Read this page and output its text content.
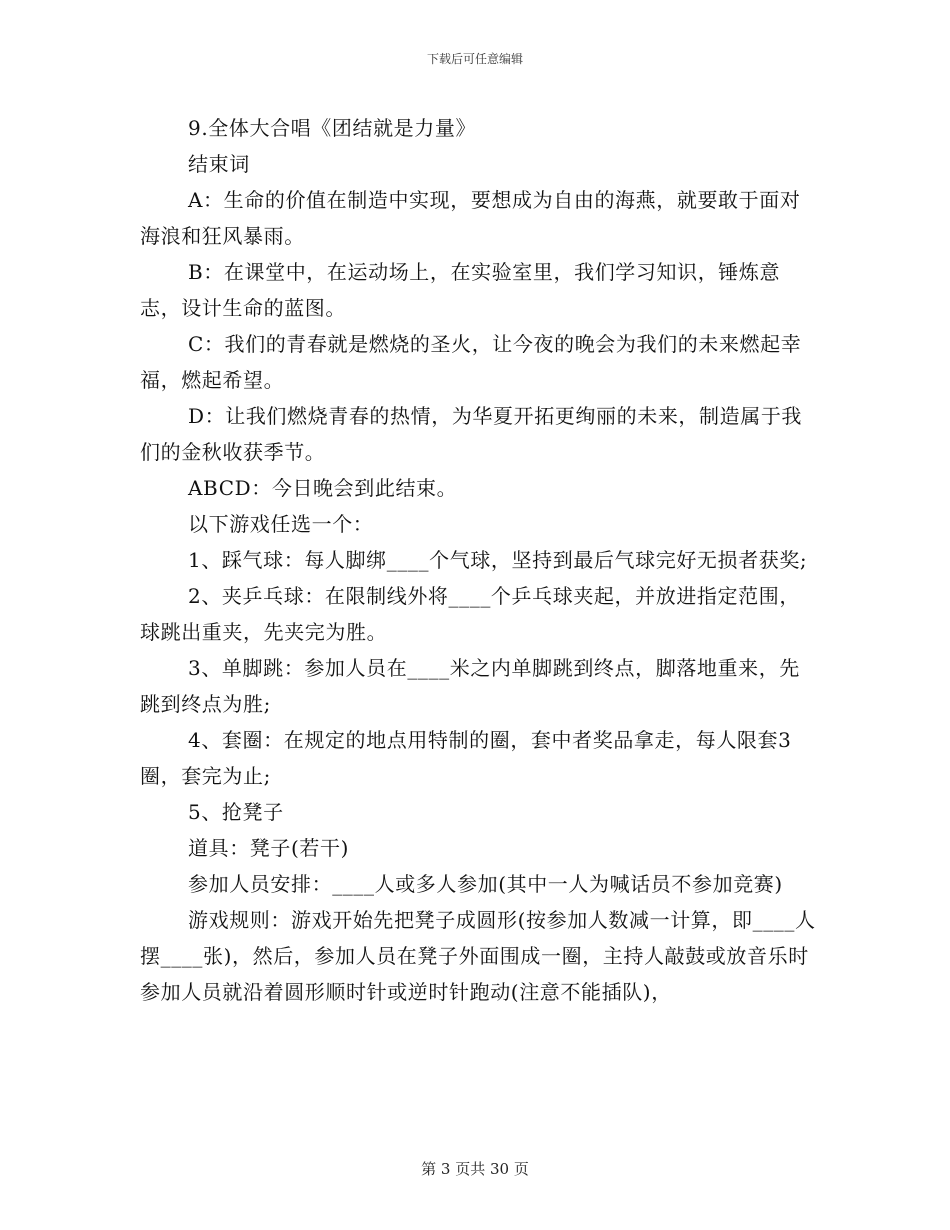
下载后可任意编辑

9.全体大合唱《团结就是力量》

结束词

A：生命的价值在制造中实现，要想成为自由的海燕，就要敢于面对海浪和狂风暴雨。

B：在课堂中，在运动场上，在实验室里，我们学习知识，锤炼意志，设计生命的蓝图。

C：我们的青春就是燃烧的圣火，让今夜的晚会为我们的未来燃起幸福，燃起希望。

D：让我们燃烧青春的热情，为华夏开拓更绚丽的未来，制造属于我们的金秋收获季节。

ABCD：今日晚会到此结束。

以下游戏任选一个：

1、踩气球：每人脚绑____个气球，坚持到最后气球完好无损者获奖;

2、夹乒乓球：在限制线外将____个乒乓球夹起，并放进指定范围，球跳出重夹，先夹完为胜。

3、单脚跳：参加人员在____米之内单脚跳到终点，脚落地重来，先跳到终点为胜;

4、套圈：在规定的地点用特制的圈，套中者奖品拿走，每人限套3圈，套完为止;

5、抢凳子

道具：凳子(若干)

参加人员安排：____人或多人参加(其中一人为喊话员不参加竞赛)

游戏规则：游戏开始先把凳子成圆形(按参加人数减一计算，即____人摆____张)，然后，参加人员在凳子外面围成一圈，主持人敲鼓或放音乐时参加人员就沿着圆形顺时针或逆时针跑动(注意不能插队)，

第 3 页共 30 页
